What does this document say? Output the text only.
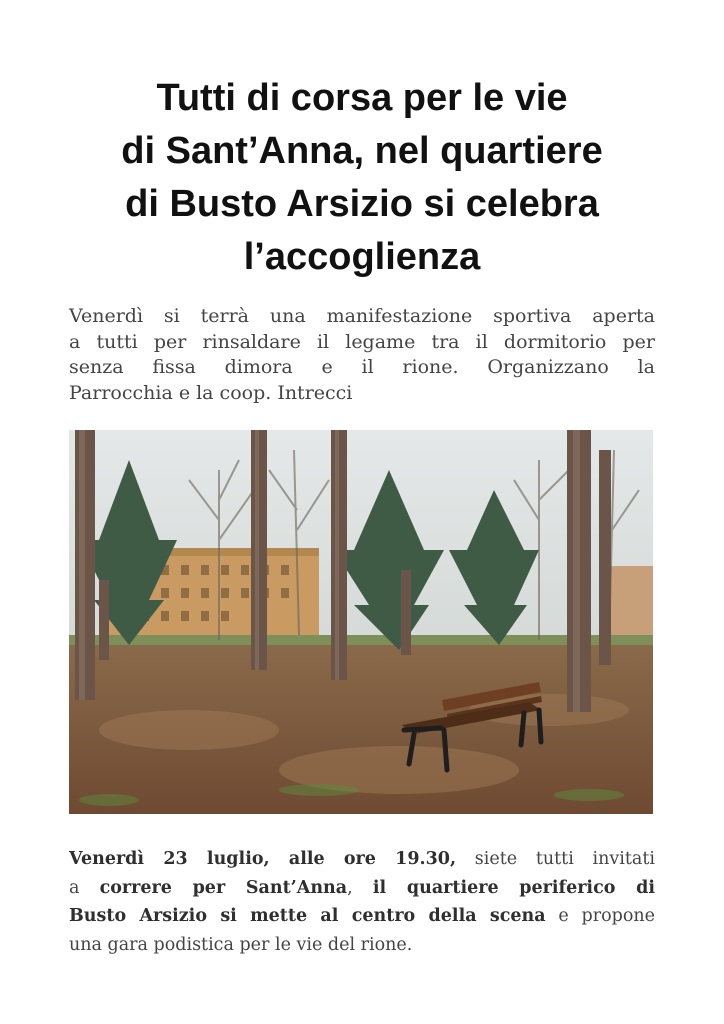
Tutti di corsa per le vie
di Sant’Anna, nel quartiere
di Busto Arsizio si celebra
l’accoglienza

Venerdì si terrà una manifestazione sportiva aperta
a tutti per rinsaldare il legame tra il dormitorio per
senza fissa dimora e il rione. Organizzano la
Parrocchia e la coop. Intrecci

Venerdì 23 luglio, alle ore 19.30, siete tutti invitati
a correre per Sant’Anna, il quartiere periferico di
Busto Arsizio si mette al centro della scena e propone
una gara podistica per le vie del rione.
